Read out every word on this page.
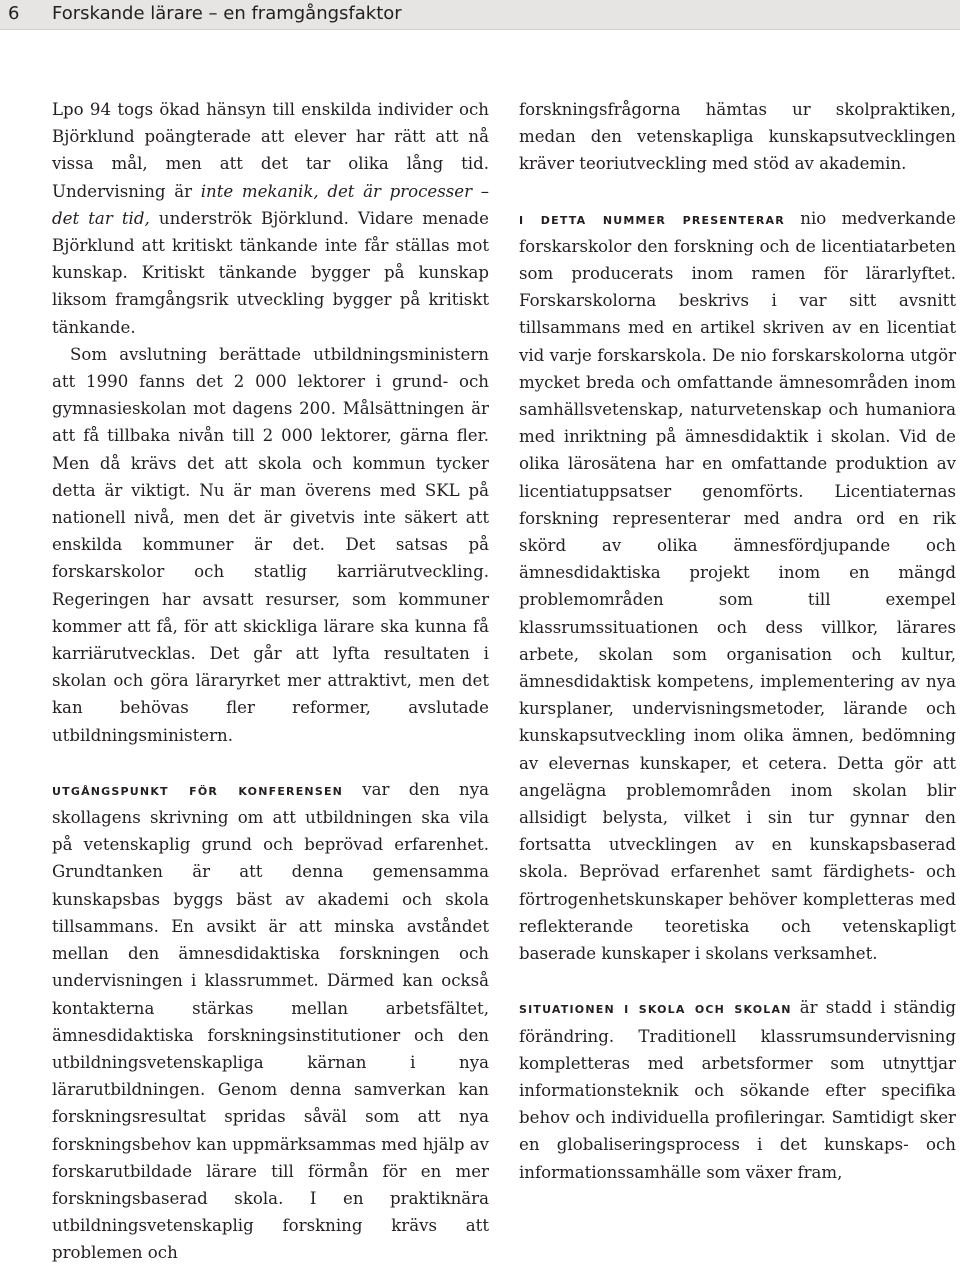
6 Forskande lärare – en framgångsfaktor

Lpo 94 togs ökad hänsyn till enskilda individer och Björklund poängterade att elever har rätt att nå vissa mål, men att det tar olika lång tid. Undervisning är inte mekanik, det är processer – det tar tid, underströk Björklund. Vidare menade Björklund att kritiskt tänkande inte får ställas mot kunskap. Kritiskt tänkande bygger på kunskap liksom framgångsrik utveckling bygger på kritiskt tänkande.

Som avslutning berättade utbildningsministern att 1990 fanns det 2 000 lektorer i grund- och gymnasieskolan mot dagens 200. Målsättningen är att få tillbaka nivån till 2 000 lektorer, gärna fler. Men då krävs det att skola och kommun tycker detta är viktigt. Nu är man överens med SKL på nationell nivå, men det är givetvis inte säkert att enskilda kommuner är det. Det satsas på forskarskolor och statlig karriärutveckling. Regeringen har avsatt resurser, som kommuner kommer att få, för att skickliga lärare ska kunna få karriärutvecklas. Det går att lyfta resultaten i skolan och göra läraryrket mer attraktivt, men det kan behövas fler reformer, avslutade utbildningsministern.

utgångspunkt för konferensen var den nya skollagens skrivning om att utbildningen ska vila på vetenskaplig grund och beprövad erfarenhet. Grundtanken är att denna gemensamma kunskapsbas byggs bäst av akademi och skola tillsammans. En avsikt är att minska avståndet mellan den ämnesdidaktiska forskningen och undervisningen i klassrummet. Därmed kan också kontakterna stärkas mellan arbetsfältet, ämnesdidaktiska forskningsinstitutioner och den utbildningsvetenskapliga kärnan i nya lärarutbildningen. Genom denna samverkan kan forskningsresultat spridas såväl som att nya forskningsbehov kan uppmärksammas med hjälp av forskarutbildade lärare till förmån för en mer forskningsbaserad skola. I en praktiknära utbildningsvetenskaplig forskning krävs att problemen och

forskningsfrågorna hämtas ur skolpraktiken, medan den vetenskapliga kunskapsutvecklingen kräver teoriutveckling med stöd av akademin.

i detta nummer presenterar nio medverkande forskarskolor den forskning och de licentiatarbeten som producerats inom ramen för lärarlyftet. Forskarskolorna beskrivs i var sitt avsnitt tillsammans med en artikel skriven av en licentiat vid varje forskarskola. De nio forskarskolorna utgör mycket breda och omfattande ämnesområden inom samhällsvetenskap, naturvetenskap och humaniora med inriktning på ämnesdidaktik i skolan. Vid de olika lärosätena har en omfattande produktion av licentiatuppsatser genomförts. Licentiaternas forskning representerar med andra ord en rik skörd av olika ämnesfördjupande och ämnesdidaktiska projekt inom en mängd problemområden som till exempel klassrumssituationen och dess villkor, lärares arbete, skolan som organisation och kultur, ämnesdidaktisk kompetens, implementering av nya kursplaner, undervisningsmetoder, lärande och kunskapsutveckling inom olika ämnen, bedömning av elevernas kunskaper, et cetera. Detta gör att angelägna problemområden inom skolan blir allsidigt belysta, vilket i sin tur gynnar den fortsatta utvecklingen av en kunskapsbaserad skola. Beprövad erfarenhet samt färdighets- och förtrogenhetskunskaper behöver kompletteras med reflekterande teoretiska och vetenskapligt baserade kunskaper i skolans verksamhet.

situationen i skola och skolan är stadd i ständig förändring. Traditionell klassrumsundervisning kompletteras med arbetsformer som utnyttjar informationsteknik och sökande efter specifika behov och individuella profileringar. Samtidigt sker en globaliseringsprocess i det kunskaps- och informationssamhälle som växer fram,
